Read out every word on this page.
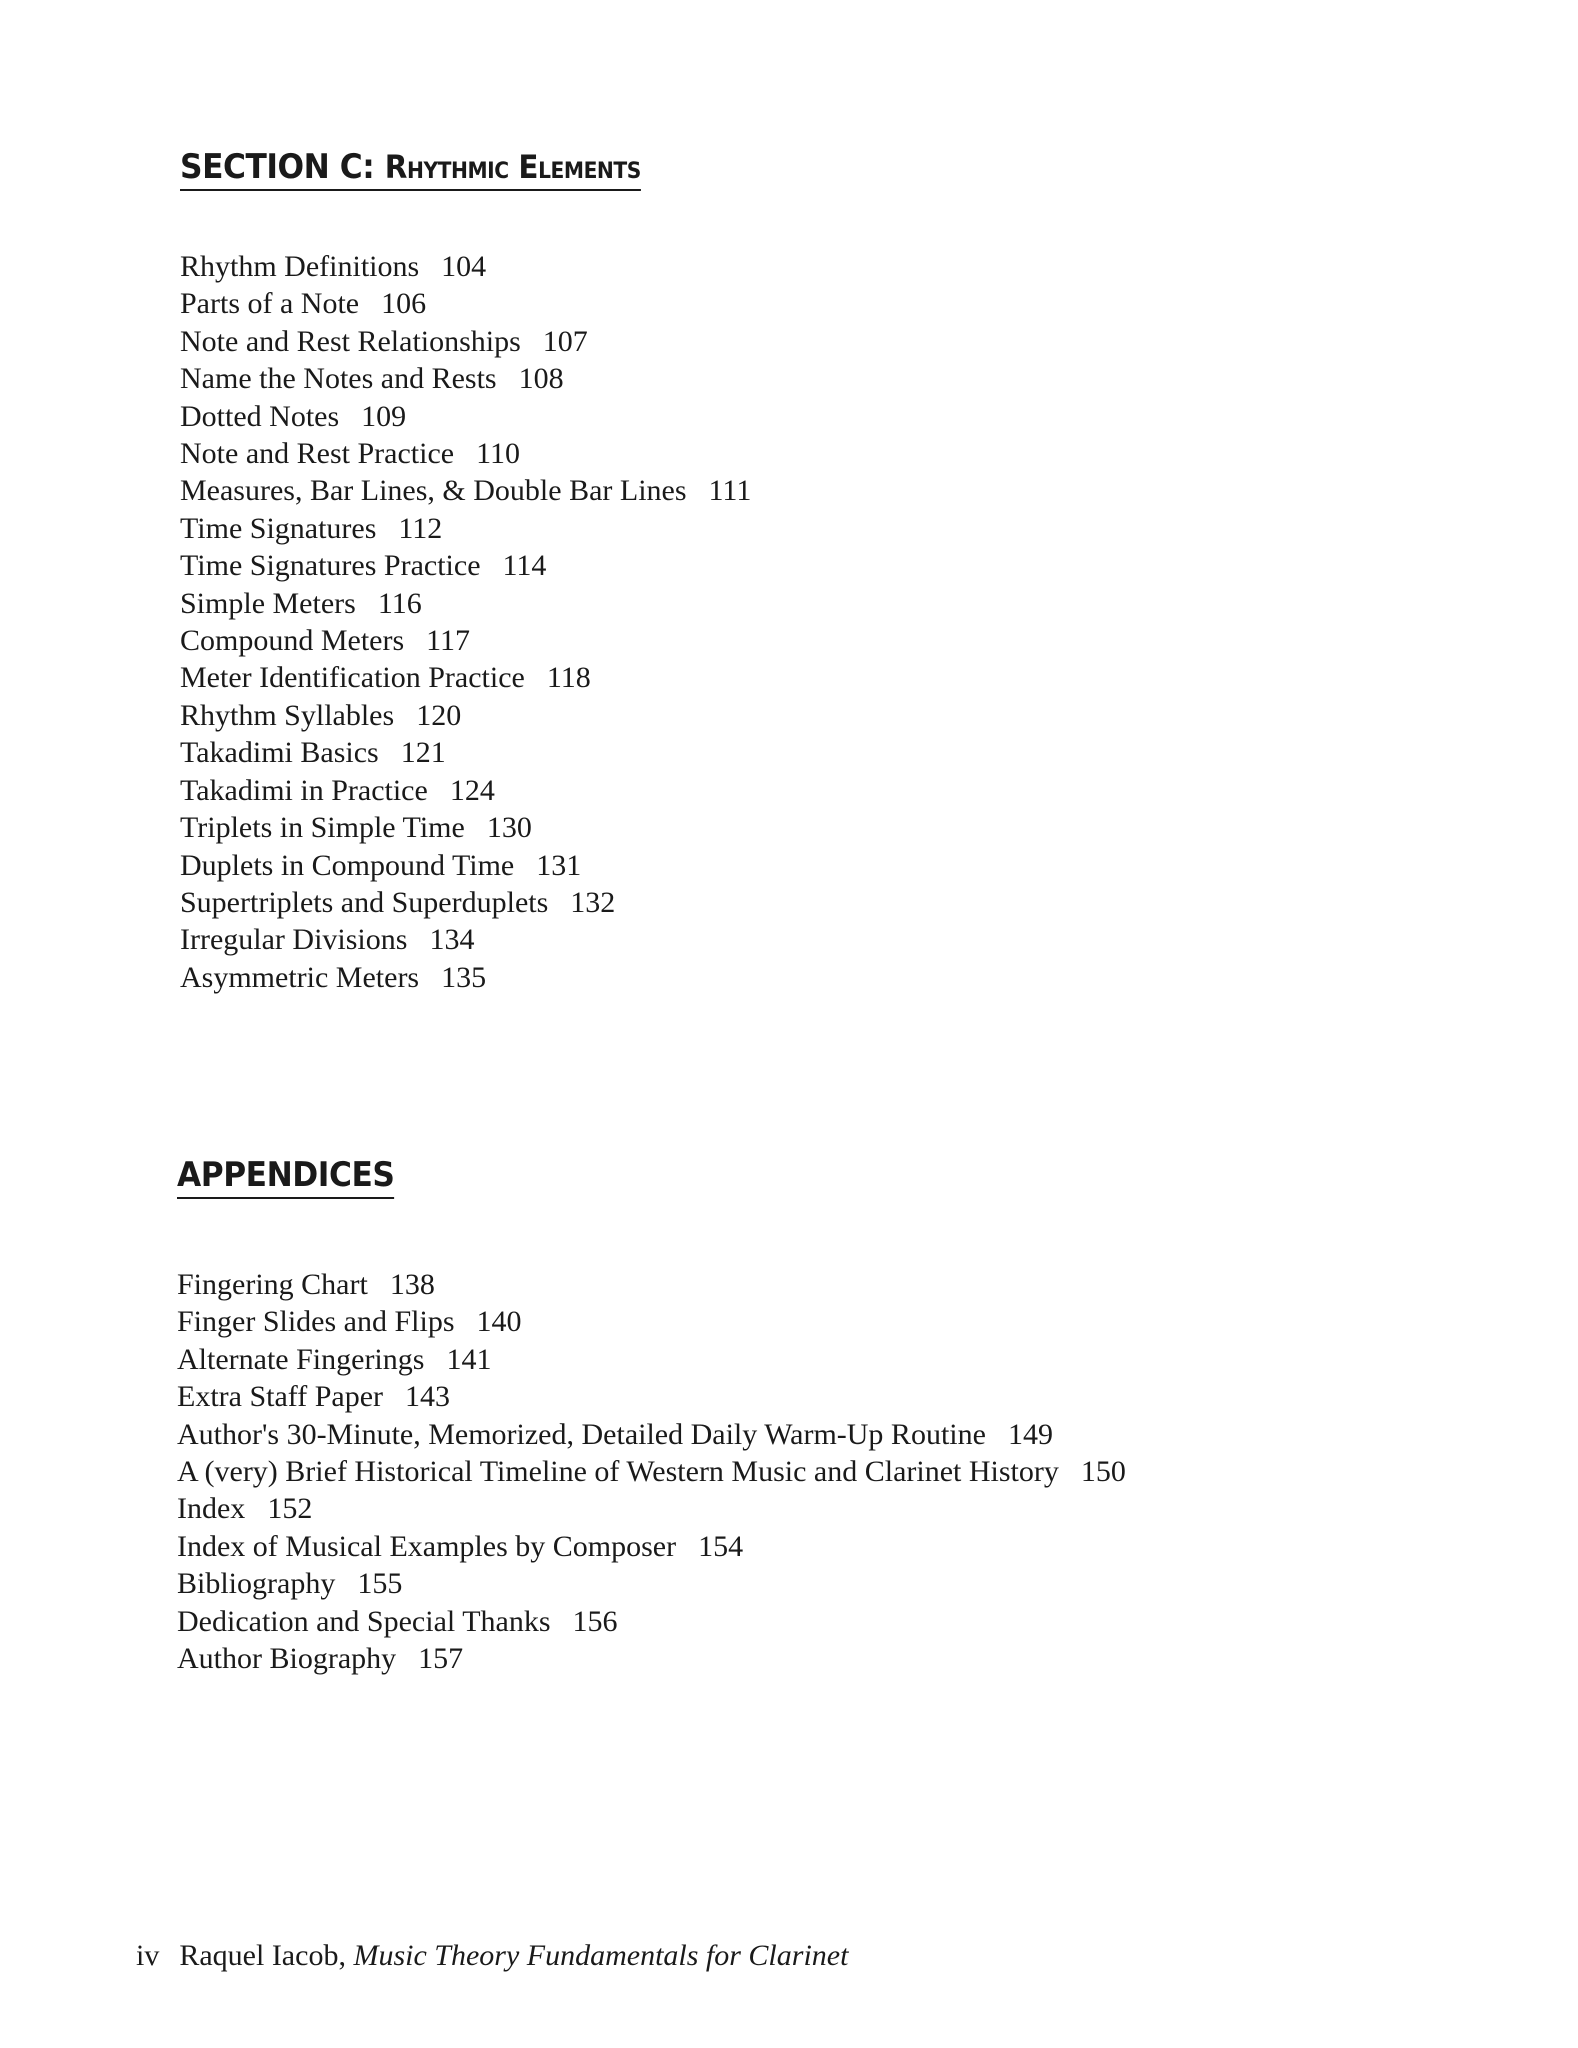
SECTION C: Rhythmic Elements
Rhythm Definitions 104
Parts of a Note 106
Note and Rest Relationships 107
Name the Notes and Rests 108
Dotted Notes 109
Note and Rest Practice 110
Measures, Bar Lines, & Double Bar Lines 111
Time Signatures 112
Time Signatures Practice 114
Simple Meters 116
Compound Meters 117
Meter Identification Practice 118
Rhythm Syllables 120
Takadimi Basics 121
Takadimi in Practice 124
Triplets in Simple Time 130
Duplets in Compound Time 131
Supertriplets and Superduplets 132
Irregular Divisions 134
Asymmetric Meters 135
APPENDICES
Fingering Chart 138
Finger Slides and Flips 140
Alternate Fingerings 141
Extra Staff Paper 143
Author's 30-Minute, Memorized, Detailed Daily Warm-Up Routine 149
A (very) Brief Historical Timeline of Western Music and Clarinet History 150
Index 152
Index of Musical Examples by Composer 154
Bibliography 155
Dedication and Special Thanks 156
Author Biography 157
iv Raquel Iacob, Music Theory Fundamentals for Clarinet
